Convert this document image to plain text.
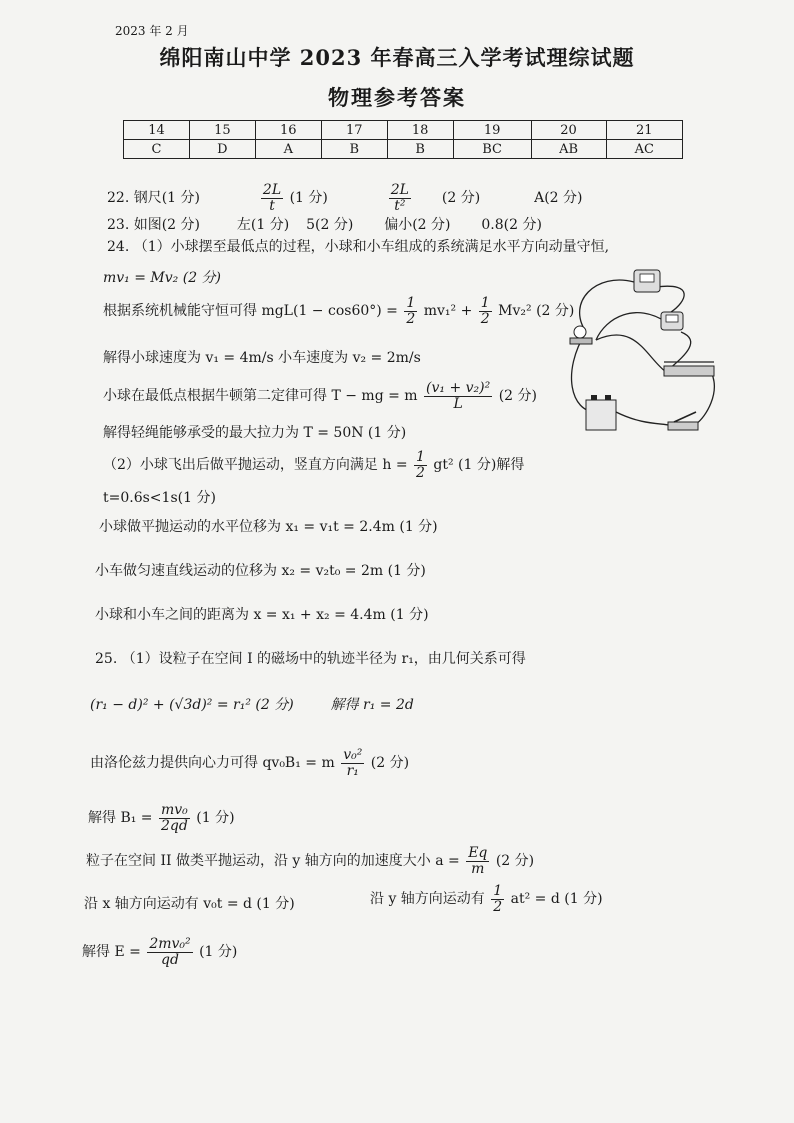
2023 年 2 月
绵阳南山中学 2023 年春高三入学考试理综试题
物理参考答案
14	15	16	17	18	19	20	21
C	D	A	B	B	BC	AB	AC
22. 钢尺(1 分)	$\frac{2L}{t} (1$ 分)	$\frac{2L}{\text{t²}} (2$ 分)	A(2 分)
23. 如图(2 分)	左(1 分) 5(2 分) 偏小(2 分) 0.8(2 分)
24. （1）小球摆至最低点的过程，小球和小车组成的系统满足水平方向动量守恒,
mv₁ = Mv₂ (2 分)
根据系统机械能守恒可得 $mgL(1 - \cos 60^\circ) = \frac{1}{2} mv_1^2 + \frac{1}{2} Mv_2^2$ (2 分)
解得小球速度为 v₁ = 4m/s 小车速度为 v₂ = 2m/s
小球在最低点根据牛顿第二定律可得 T − mg = m $\frac{\text{(v₁ + v₂)²}}{L} (2$ 分)
解得轻绳能够承受的最大拉力为 T = 50N (1 分)
（2）小球飞出后做平抛运动，竖直方向满足 $h = \frac{1}{2} gt^2$ (1 分)解得
t=0.6s<1s(1 分)
小球做平抛运动的水平位移为 x₁ = v₁t = 2.4m (1 分)
小车做匀速直线运动的位移为 x₂ = v₂t₀ = 2m (1 分)
小球和小车之间的距离为 x = x₁ + x₂ = 4.4m (1 分)
25. （1）设粒子在空间 I 的磁场中的轨迹半径为 r₁，由几何关系可得
(r₁ − d)² + (√3d)² = r₁² (2 分)	解得 r₁ = 2d
由洛伦兹力提供向心力可得 qv₀B₁ = m $\frac{\text{v₀²}}{\text{r₁}} (2$ 分)
解得 $B_1 = \frac{\text{mv₀}}{2qd} (1$ 分)
粒子在空间 II 做类平抛运动，沿 y 轴方向的加速度大小 $a = \frac{Eq}{m} (2$ 分)
沿 x 轴方向运动有 v₀t = d (1 分)	沿 y 轴方向运动有 $\frac{1}{2} at^2 = d$ (1 分)
解得 $E = \frac{\text{2mv₀²}}{qd} (1$ 分)
